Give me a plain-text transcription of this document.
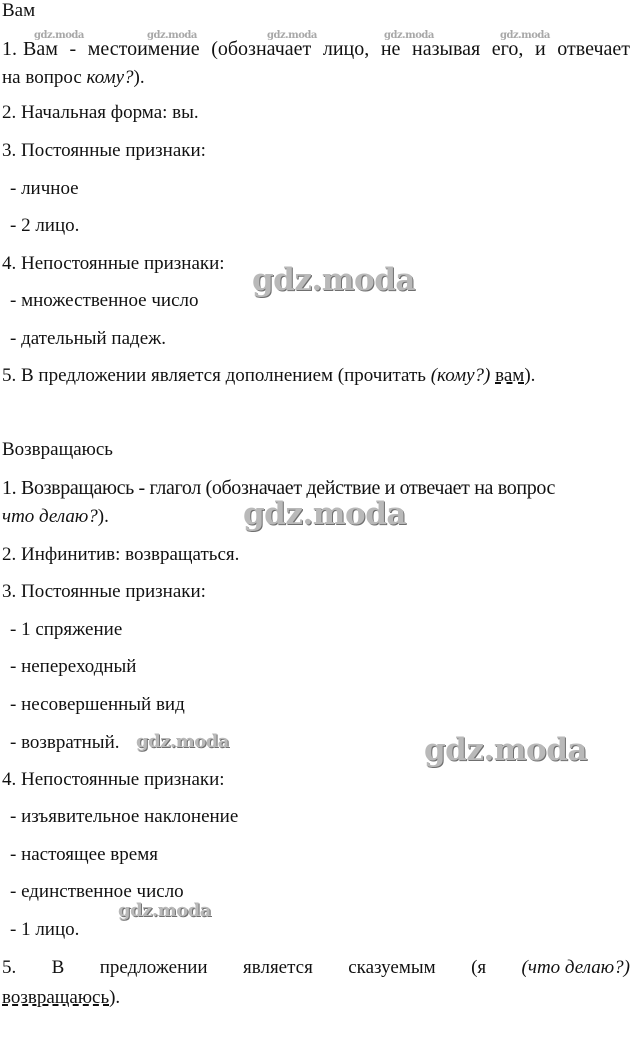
gdz.moda	gdz.moda	gdz.moda	gdz.moda	gdz.moda
gdz.moda
gdz.moda
gdz.moda
gdz.moda
gdz.moda
Вам
1. Вам - местоимение (обозначает лицо, не называя его, и отвечает
на вопрос кому?).
2. Начальная форма: вы.
3. Постоянные признаки:
- личное
- 2 лицо.
4. Непостоянные признаки:
- множественное число
- дательный падеж.
5. В предложении является дополнением (прочитать (кому?) вам).
Возвращаюсь
1. Возвращаюсь - глагол (обозначает действие и отвечает на вопрос
что делаю?).
2. Инфинитив: возвращаться.
3. Постоянные признаки:
- 1 спряжение
- непереходный
- несовершенный вид
- возвратный.
4. Непостоянные признаки:
- изъявительное наклонение
- настоящее время
- единственное число
- 1 лицо.
5. В предложении является сказуемым (я (что делаю?)
возвращаюсь).
